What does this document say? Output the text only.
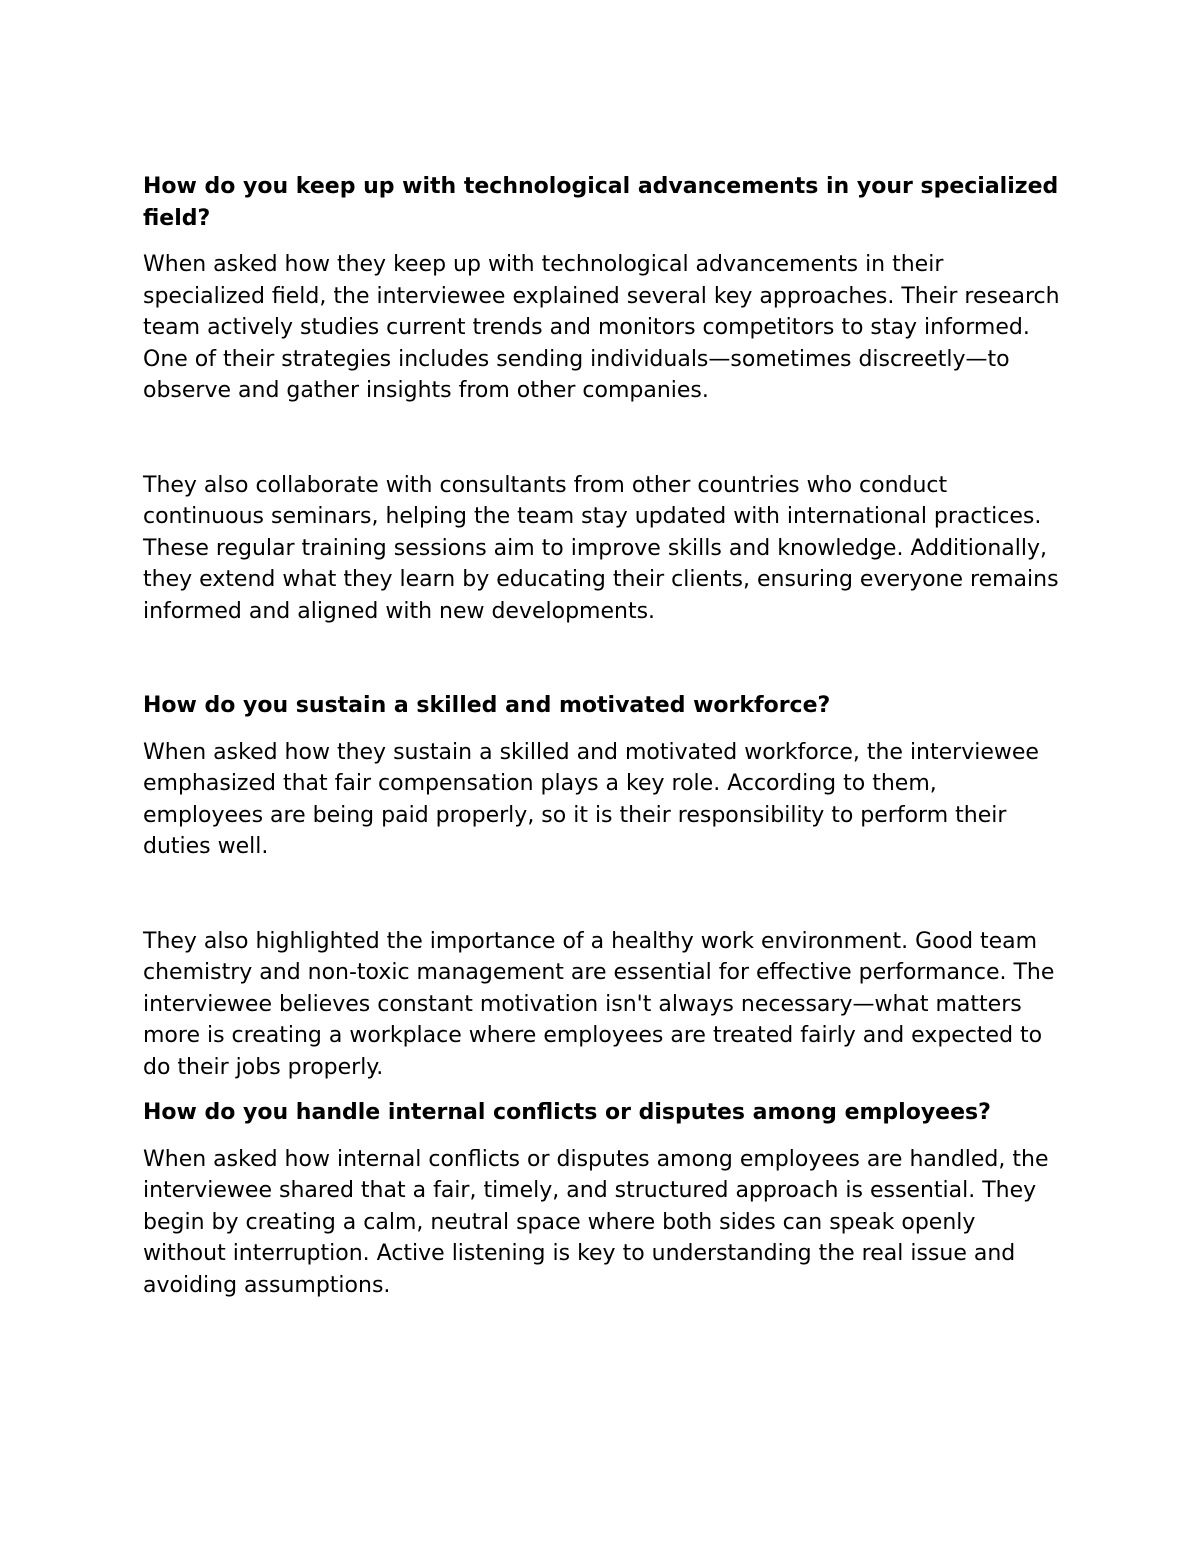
How do you keep up with technological advancements in your specialized field?

When asked how they keep up with technological advancements in their specialized field, the interviewee explained several key approaches. Their research team actively studies current trends and monitors competitors to stay informed. One of their strategies includes sending individuals—sometimes discreetly—to observe and gather insights from other companies.

They also collaborate with consultants from other countries who conduct continuous seminars, helping the team stay updated with international practices. These regular training sessions aim to improve skills and knowledge. Additionally, they extend what they learn by educating their clients, ensuring everyone remains informed and aligned with new developments.

How do you sustain a skilled and motivated workforce?

When asked how they sustain a skilled and motivated workforce, the interviewee emphasized that fair compensation plays a key role. According to them, employees are being paid properly, so it is their responsibility to perform their duties well.

They also highlighted the importance of a healthy work environment. Good team chemistry and non-toxic management are essential for effective performance. The interviewee believes constant motivation isn't always necessary—what matters more is creating a workplace where employees are treated fairly and expected to do their jobs properly.

How do you handle internal conflicts or disputes among employees?

When asked how internal conflicts or disputes among employees are handled, the interviewee shared that a fair, timely, and structured approach is essential. They begin by creating a calm, neutral space where both sides can speak openly without interruption. Active listening is key to understanding the real issue and avoiding assumptions.
